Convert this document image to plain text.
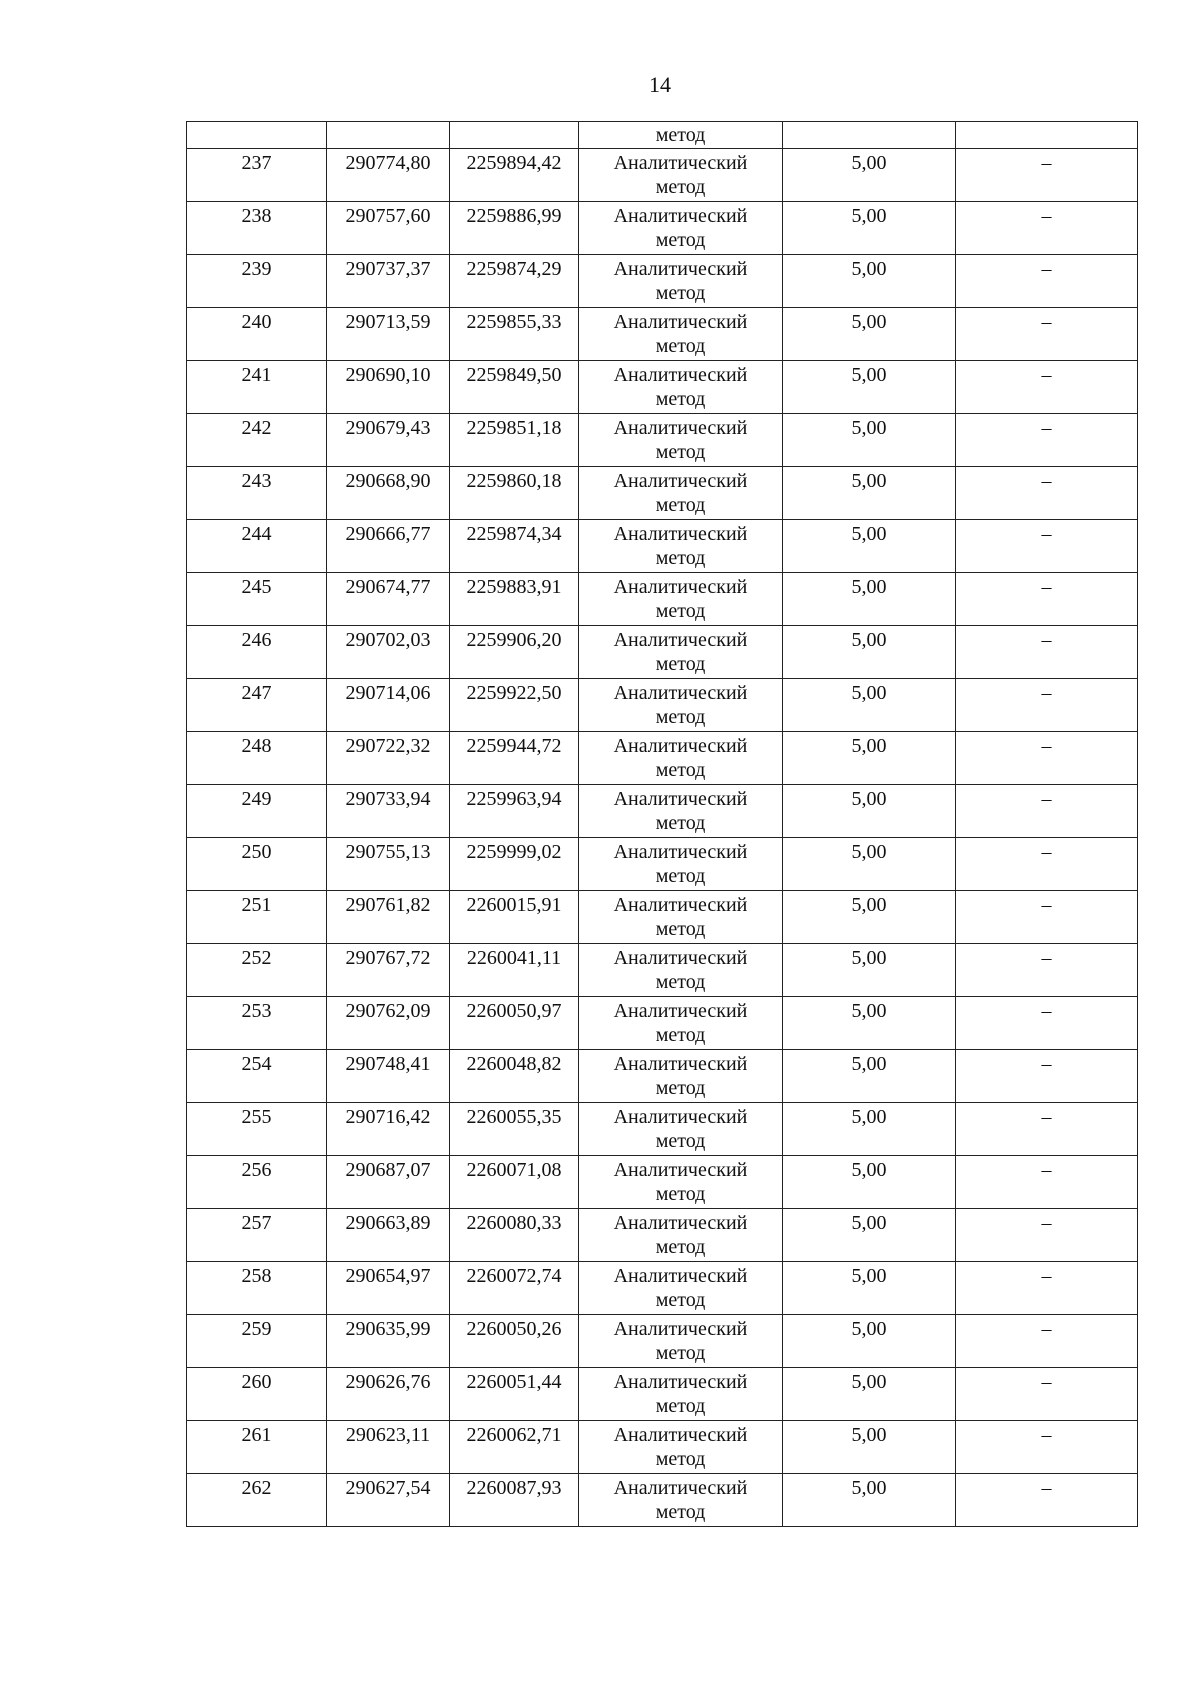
14

			метод		

237	290774,80	2259894,42	Аналитический
метод	5,00	–

238	290757,60	2259886,99	Аналитический
метод	5,00	–

239	290737,37	2259874,29	Аналитический
метод	5,00	–

240	290713,59	2259855,33	Аналитический
метод	5,00	–

241	290690,10	2259849,50	Аналитический
метод	5,00	–

242	290679,43	2259851,18	Аналитический
метод	5,00	–

243	290668,90	2259860,18	Аналитический
метод	5,00	–

244	290666,77	2259874,34	Аналитический
метод	5,00	–

245	290674,77	2259883,91	Аналитический
метод	5,00	–

246	290702,03	2259906,20	Аналитический
метод	5,00	–

247	290714,06	2259922,50	Аналитический
метод	5,00	–

248	290722,32	2259944,72	Аналитический
метод	5,00	–

249	290733,94	2259963,94	Аналитический
метод	5,00	–

250	290755,13	2259999,02	Аналитический
метод	5,00	–

251	290761,82	2260015,91	Аналитический
метод	5,00	–

252	290767,72	2260041,11	Аналитический
метод	5,00	–

253	290762,09	2260050,97	Аналитический
метод	5,00	–

254	290748,41	2260048,82	Аналитический
метод	5,00	–

255	290716,42	2260055,35	Аналитический
метод	5,00	–

256	290687,07	2260071,08	Аналитический
метод	5,00	–

257	290663,89	2260080,33	Аналитический
метод	5,00	–

258	290654,97	2260072,74	Аналитический
метод	5,00	–

259	290635,99	2260050,26	Аналитический
метод	5,00	–

260	290626,76	2260051,44	Аналитический
метод	5,00	–

261	290623,11	2260062,71	Аналитический
метод	5,00	–

262	290627,54	2260087,93	Аналитический
метод	5,00	–
